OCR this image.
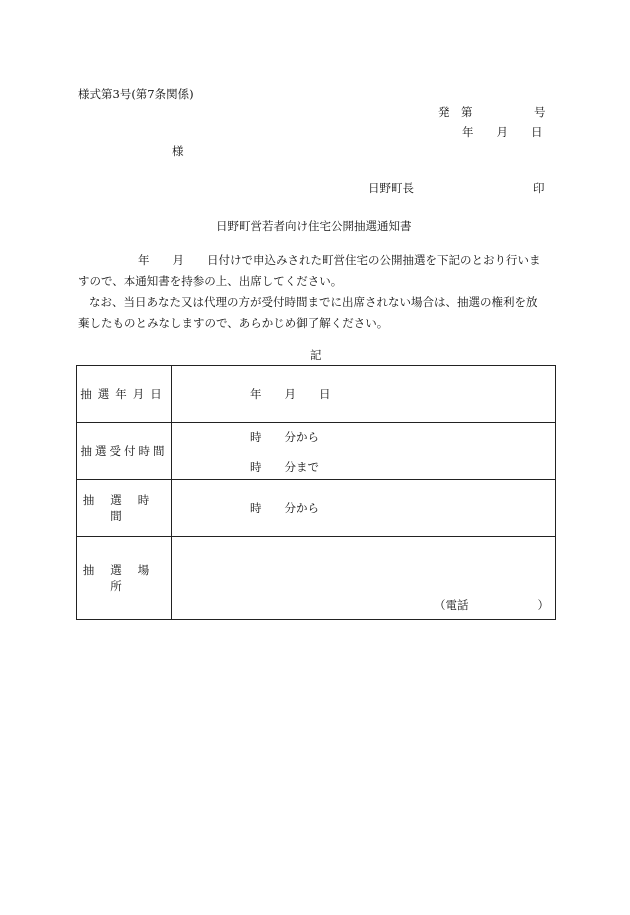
様式第3号(第7条関係)
発　第	号
年　　月　　日
様
日野町長	印
日野町営若者向け住宅公開抽選通知書

年　　月　　日付けで申込みされた町営住宅の公開抽選を下記のとおり行いま

すので、本通知書を持参の上、出席してください。

なお、当日あなた又は代理の方が受付時間までに出席されない場合は、抽選の権利を放

棄したものとみなしますので、あらかじめ御了解ください。

記
抽選年月日	年　　月　　日

抽選受付時間	時　　分から
時　　分まで

抽選時間	時　　分から

抽選場所	（電話　　　　　　）
